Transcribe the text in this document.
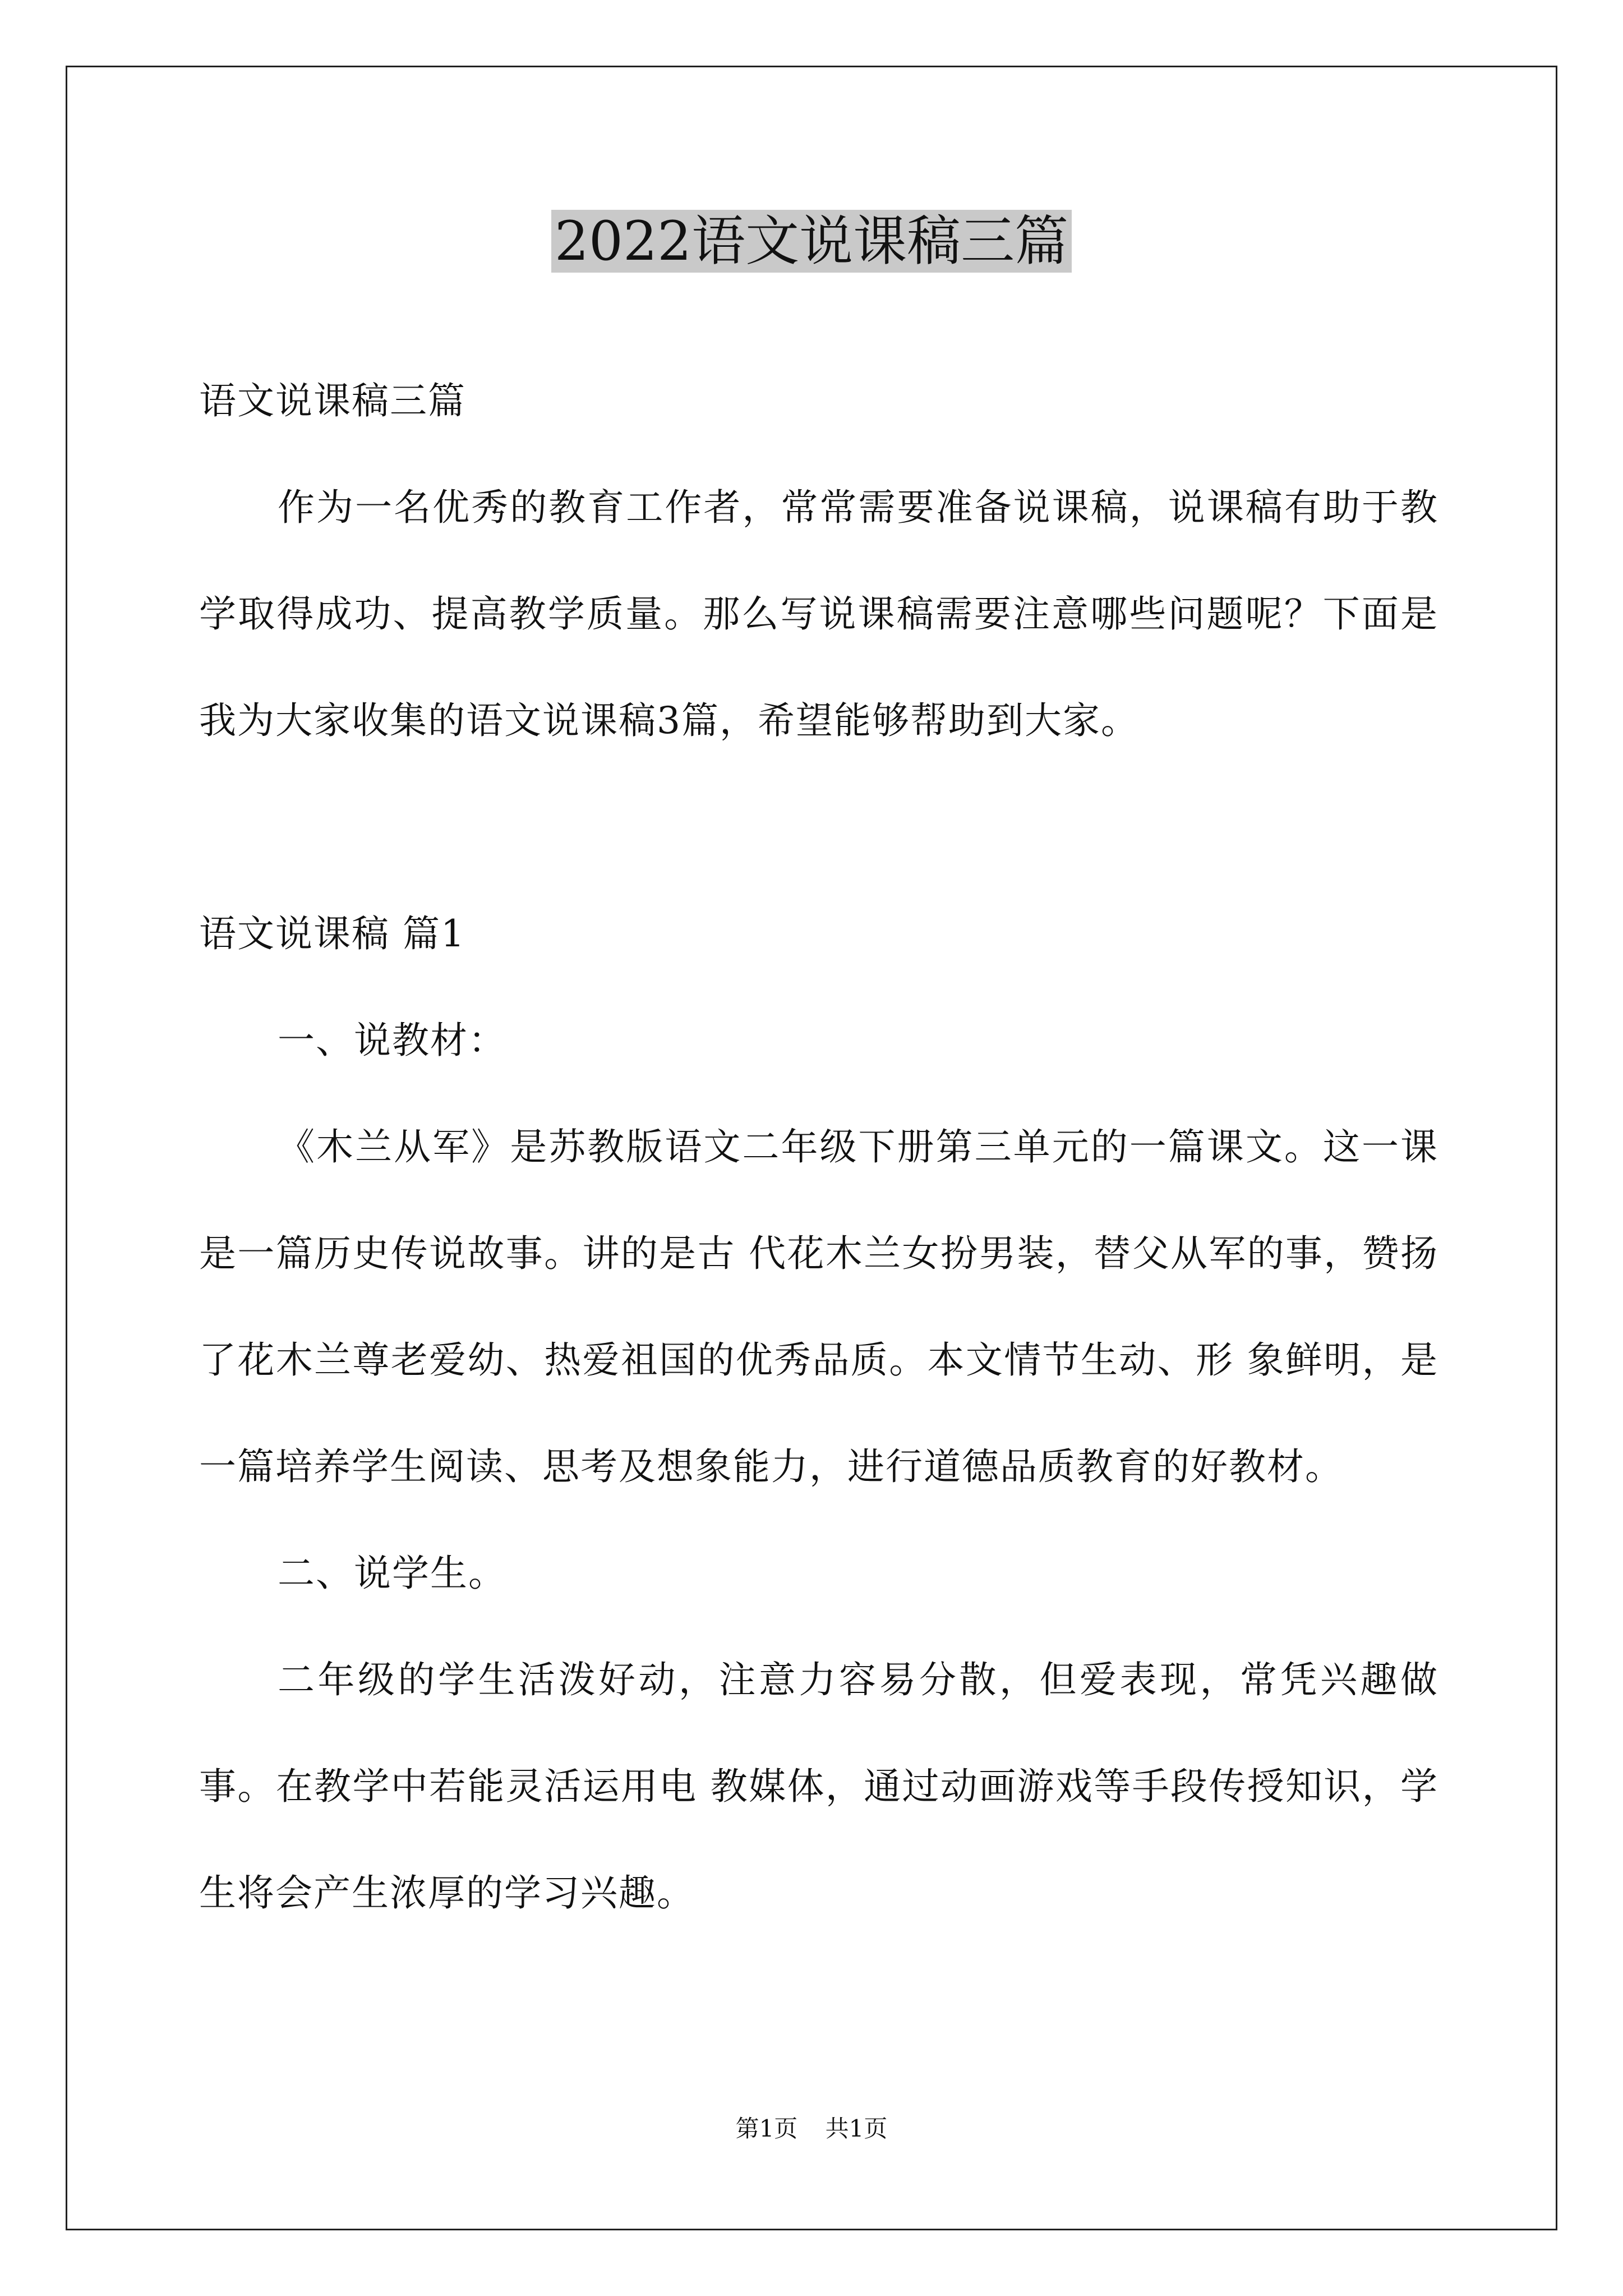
2022语文说课稿三篇

语文说课稿三篇

作为一名优秀的教育工作者，常常需要准备说课稿，说课稿有助于教学取得成功、提高教学质量。那么写说课稿需要注意哪些问题呢？下面是我为大家收集的语文说课稿3篇，希望能够帮助到大家。

语文说课稿 篇1

一、说教材：

《木兰从军》是苏教版语文二年级下册第三单元的一篇课文。这一课是一篇历史传说故事。讲的是古 代花木兰女扮男装，替父从军的事，赞扬了花木兰尊老爱幼、热爱祖国的优秀品质。本文情节生动、形 象鲜明，是一篇培养学生阅读、思考及想象能力，进行道德品质教育的好教材。

二、说学生。

二年级的学生活泼好动，注意力容易分散，但爱表现，常凭兴趣做事。在教学中若能灵活运用电 教媒体，通过动画游戏等手段传授知识，学生将会产生浓厚的学习兴趣。

第1页 共1页
